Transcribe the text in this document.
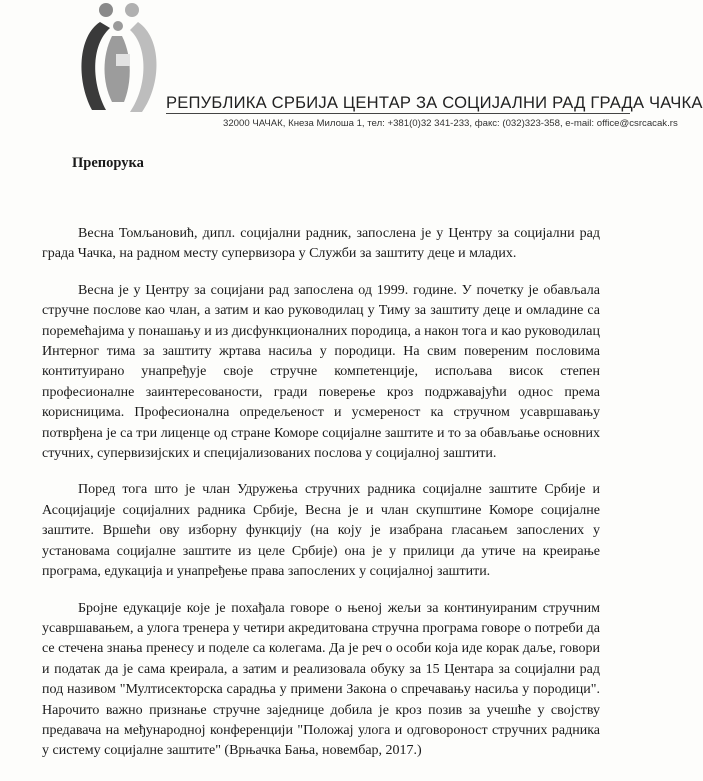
РЕПУБЛИКА СРБИЈА ЦЕНТАР ЗА СОЦИЈАЛНИ РАД ГРАДА ЧАЧКА
32000 ЧАЧАК, Кнеза Милоша 1, тел: +381(0)32 341-233, факс: (032)323-358, e-mail: office@csrcacak.rs
Препорука

Весна Томљановић, дипл. социјални радник, запослена је у Центру за социјални рад града Чачка, на радном месту супервизора у Служби за заштиту деце и младих.

Весна је у Центру за социјани рад запослена од 1999. године. У почетку је обављала стручне послове као члан, а затим и као руководилац у Тиму за заштиту деце и омладине са поремећајима у понашању и из дисфункционалних породица, а након тога и као руководилац Интерног тима за заштиту жртава насиља у породици. На свим повереним пословима контитуирано унапређује своје стручне компетенције, испољава висок степен професионалне заинтересованости, гради поверење кроз подржавајући однос према корисницима. Професионална опредељеност и усмереност ка стручном усавршавању потврђена је са три лиценце од стране Коморе социјалне заштите и то за обављање основних стучних, супервизијских и специјализованих послова у социјалној заштити.

Поред тога што је члан Удружења стручних радника социјалне заштите Србије и Асоцијације социјалних радника Србије, Весна је и члан скупштине Коморе социјалне заштите. Вршећи ову изборну функцију (на коју је изабрана гласањем запослених у установама социјалне заштите из целе Србије) она је у прилици да утиче на креирање програма, едукација и унапређење права запослених у социјалној заштити.

Бројне едукације које је похађала говоре о њеној жељи за континуираним стручним усавршавањем, а улога тренера у четири акредитована стручна програма говоре о потреби да се стечена знања пренесу и поделе са колегама. Да је реч о особи која иде корак даље, говори и податак да је сама креирала, а затим и реализовала обуку за 15 Центара за социјални рад под називом "Мултисекторска сарадња у примени Закона о спречавању насиља у породици". Нарочито важно признање стручне заједнице добила је кроз позив за учешће у својству предавача на међународној конференцији "Положај улога и одговороност стручних радника у систему социјалне заштите" (Врњачка Бања, новембар, 2017.)
